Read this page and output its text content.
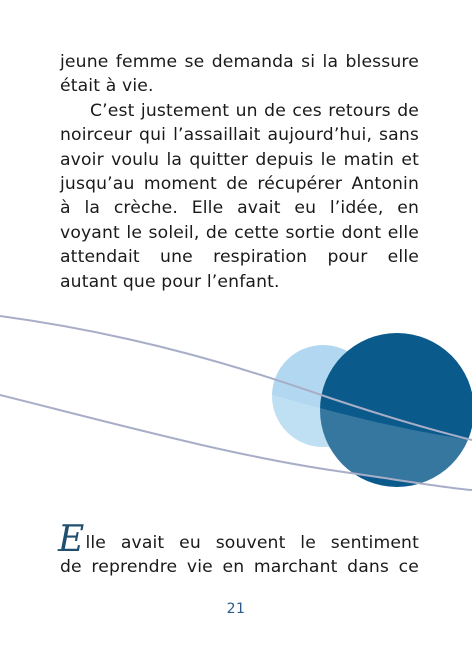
jeune femme se demanda si la blessure était à vie.

C’est justement un de ces retours de noirceur qui l’assaillait aujourd’hui, sans avoir voulu la quitter depuis le matin et jusqu’au moment de récupérer Antonin à la crèche. Elle avait eu l’idée, en voyant le soleil, de cette sortie dont elle attendait une respiration pour elle autant que pour l’enfant.

Elle avait eu souvent le sentiment

de reprendre vie en marchant dans ce

21
